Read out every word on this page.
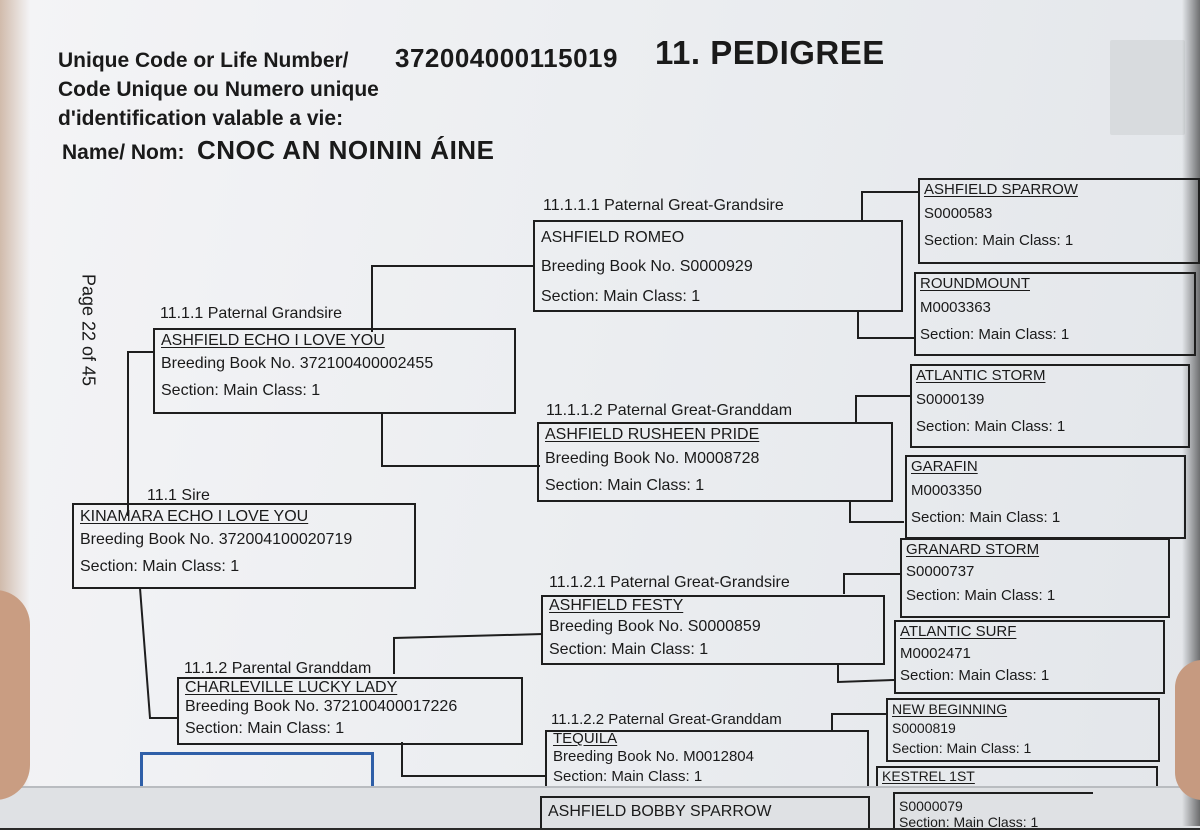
Unique Code or Life Number/ Code Unique ou Numero unique d'identification valable a vie:
372004000115019 11. PEDIGREE
Name/ Nom: CNOC AN NOININ ÁINE
Page 22 of 45
11.1 Sire
KINAMARA ECHO I LOVE YOU
Breeding Book No. 372004100020719
Section: Main Class: 1
11.1.1 Paternal Grandsire
ASHFIELD ECHO I LOVE YOU
Breeding Book No. 372100400002455
Section: Main Class: 1
11.1.2 Parental Granddam
CHARLEVILLE LUCKY LADY
Breeding Book No. 372100400017226
Section: Main Class: 1
11.1.1.1 Paternal Great-Grandsire
ASHFIELD ROMEO
Breeding Book No. S0000929
Section: Main Class: 1
11.1.1.2 Paternal Great-Granddam
ASHFIELD RUSHEEN PRIDE
Breeding Book No. M0008728
Section: Main Class: 1
11.1.2.1 Paternal Great-Grandsire
ASHFIELD FESTY
Breeding Book No. S0000859
Section: Main Class: 1
11.1.2.2 Paternal Great-Granddam
TEQUILA
Breeding Book No. M0012804
Section: Main Class: 1
ASHFIELD SPARROW
S0000583
Section: Main Class: 1
ROUNDMOUNT
M0003363
Section: Main Class: 1
ATLANTIC STORM
S0000139
Section: Main Class: 1
GARAFIN
M0003350
Section: Main Class: 1
GRANARD STORM
S0000737
Section: Main Class: 1
ATLANTIC SURF
M0002471
Section: Main Class: 1
NEW BEGINNING
S0000819
Section: Main Class: 1
KESTREL 1ST
ASHFIELD BOBBY SPARROW	S0000079
Section: Main Class: 1
